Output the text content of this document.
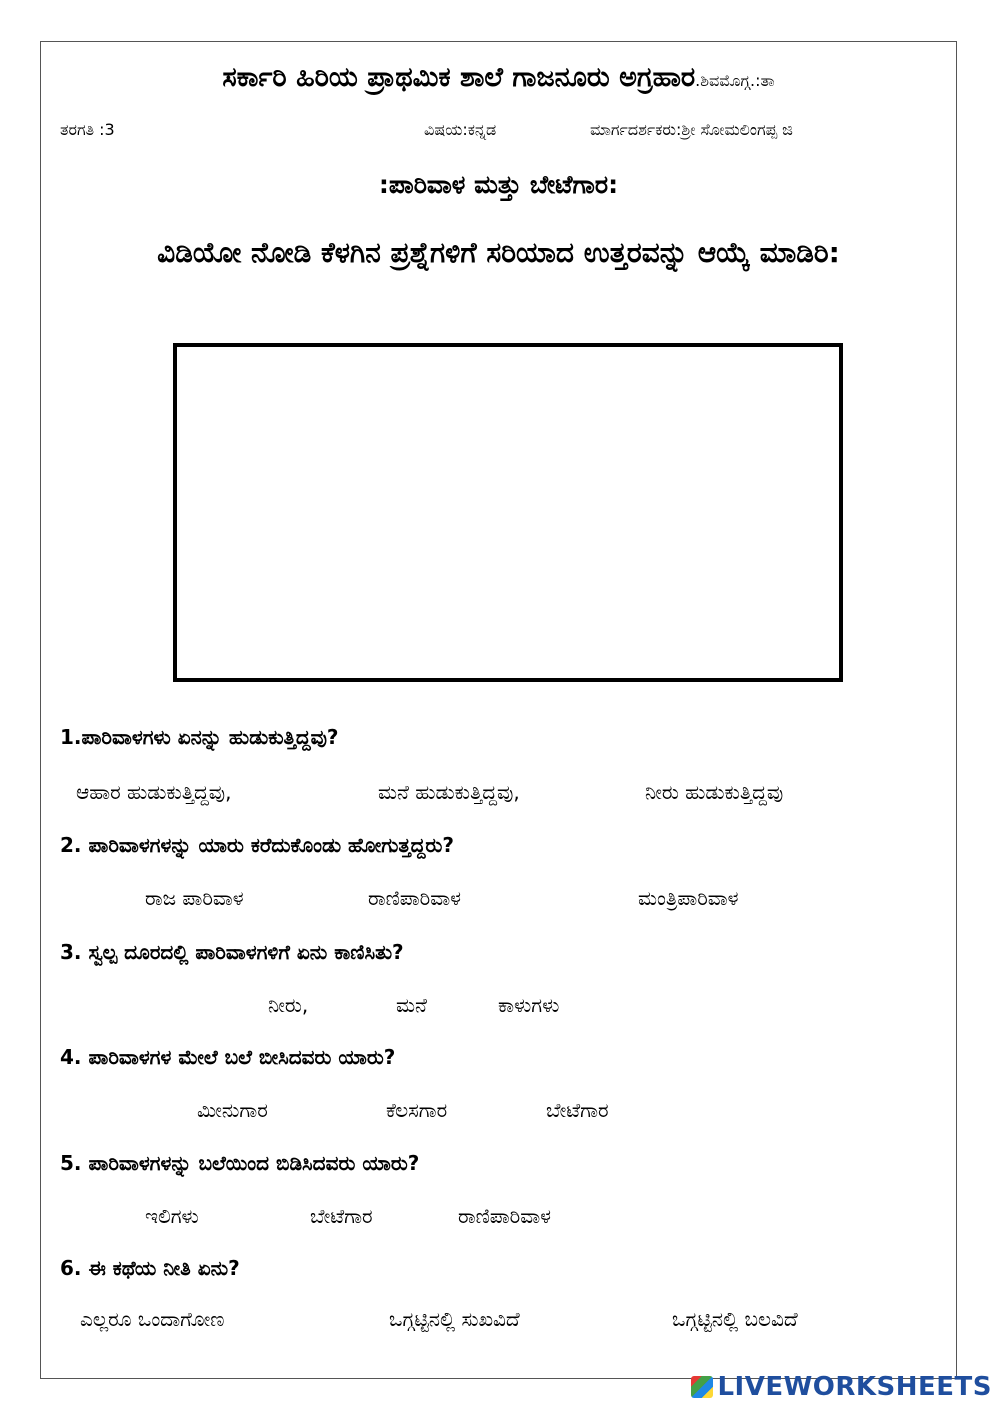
ಸರ್ಕಾರಿ ಹಿರಿಯ ಪ್ರಾಥಮಿಕ ಶಾಲೆ ಗಾಜನೂರು ಅಗ್ರಹಾರ.ಶಿವಮೊಗ್ಗ.:ತಾ
ತರಗತಿ :3	ವಿಷಯ:ಕನ್ನಡ	ಮಾರ್ಗದರ್ಶಕರು:ಶ್ರೀ ಸೋಮಲಿಂಗಪ್ಪ ಜಿ
:ಪಾರಿವಾಳ ಮತ್ತು ಬೇಟೆಗಾರ:
ವಿಡಿಯೋ ನೋಡಿ ಕೆಳಗಿನ ಪ್ರಶ್ನೆಗಳಿಗೆ ಸರಿಯಾದ ಉತ್ತರವನ್ನು ಆಯ್ಕೆ ಮಾಡಿರಿ:
1.ಪಾರಿವಾಳಗಳು ಏನನ್ನು ಹುಡುಕುತ್ತಿದ್ದವು?
ಆಹಾರ ಹುಡುಕುತ್ತಿದ್ದವು,	ಮನೆ ಹುಡುಕುತ್ತಿದ್ದವು,	ನೀರು ಹುಡುಕುತ್ತಿದ್ದವು
2. ಪಾರಿವಾಳಗಳನ್ನು ಯಾರು ಕರೆದುಕೊಂಡು ಹೋಗುತ್ತದ್ದರು?
ರಾಜ ಪಾರಿವಾಳ	ರಾಣಿಪಾರಿವಾಳ	ಮಂತ್ರಿಪಾರಿವಾಳ
3. ಸ್ವಲ್ಪ ದೂರದಲ್ಲಿ ಪಾರಿವಾಳಗಳಿಗೆ ಏನು ಕಾಣಿಸಿತು?
ನೀರು,	ಮನೆ	ಕಾಳುಗಳು
4. ಪಾರಿವಾಳಗಳ ಮೇಲೆ ಬಲೆ ಬೀಸಿದವರು ಯಾರು?
ಮೀನುಗಾರ	ಕೆಲಸಗಾರ	ಬೇಟೆಗಾರ
5. ಪಾರಿವಾಳಗಳನ್ನು ಬಲೆಯಿಂದ ಬಿಡಿಸಿದವರು ಯಾರು?
ಇಲಿಗಳು	ಬೇಟೆಗಾರ	ರಾಣಿಪಾರಿವಾಳ
6. ಈ ಕಥೆಯ ನೀತಿ ಏನು?
ಎಲ್ಲರೂ ಒಂದಾಗೋಣ	ಒಗ್ಗಟ್ಟಿನಲ್ಲಿ ಸುಖವಿದೆ	ಒಗ್ಗಟ್ಟಿನಲ್ಲಿ ಬಲವಿದೆ
LIVEWORKSHEETS
